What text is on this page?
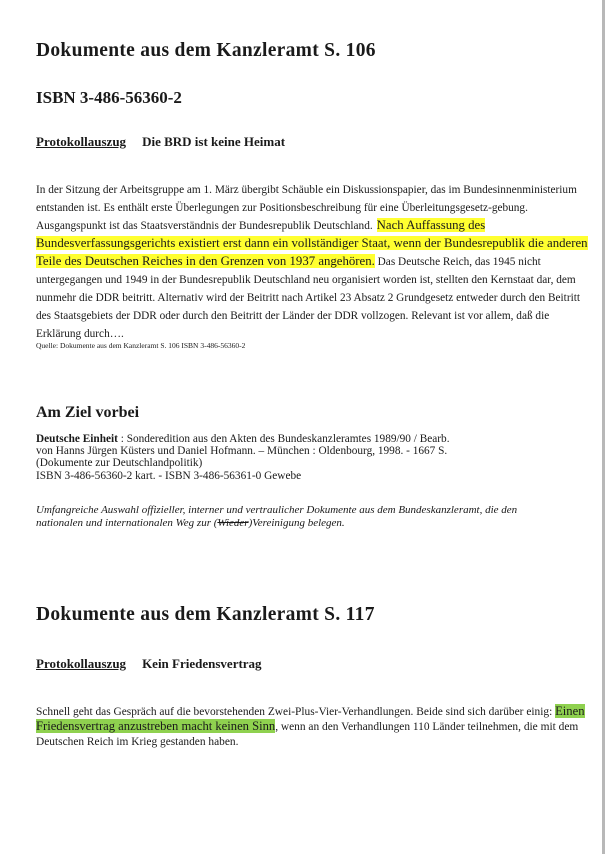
Dokumente aus dem Kanzleramt S. 106
ISBN 3-486-56360-2
Protokollauszug Die BRD ist keine Heimat
In der Sitzung der Arbeitsgruppe am 1. März übergibt Schäuble ein Diskussionspapier, das im Bundesinnenministerium entstanden ist. Es enthält erste Überlegungen zur Positionsbeschreibung für eine Überleitungsgesetz-gebung. Ausgangspunkt ist das Staatsverständnis der Bundesrepublik Deutschland. Nach Auffassung des Bundesverfassungsgerichts existiert erst dann ein vollständiger Staat, wenn der Bundesrepublik die anderen Teile des Deutschen Reiches in den Grenzen von 1937 angehören. Das Deutsche Reich, das 1945 nicht untergegangen und 1949 in der Bundesrepublik Deutschland neu organisiert worden ist, stellten den Kernstaat dar, dem nunmehr die DDR beitritt. Alternativ wird der Beitritt nach Artikel 23 Absatz 2 Grundgesetz entweder durch den Beitritt des Staatsgebiets der DDR oder durch den Beitritt der Länder der DDR vollzogen. Relevant ist vor allem, daß die Erklärung durch….
Quelle: Dokumente aus dem Kanzleramt S. 106 ISBN 3-486-56360-2
Am Ziel vorbei
Deutsche Einheit : Sonderedition aus den Akten des Bundeskanzleramtes 1989/90 / Bearb.
von Hanns Jürgen Küsters und Daniel Hofmann. – München : Oldenbourg, 1998. - 1667 S.
(Dokumente zur Deutschlandpolitik)
ISBN 3-486-56360-2 kart. - ISBN 3-486-56361-0 Gewebe
Umfangreiche Auswahl offizieller, interner und vertraulicher Dokumente aus dem Bundeskanzleramt, die den
nationalen und internationalen Weg zur (Wieder)Vereinigung belegen.
Dokumente aus dem Kanzleramt S. 117
Protokollauszug Kein Friedensvertrag
Schnell geht das Gespräch auf die bevorstehenden Zwei-Plus-Vier-Verhandlungen. Beide sind sich darüber einig: Einen Friedensvertrag anzustreben macht keinen Sinn, wenn an den Verhandlungen 110 Länder teilnehmen, die mit dem Deutschen Reich im Krieg gestanden haben.
